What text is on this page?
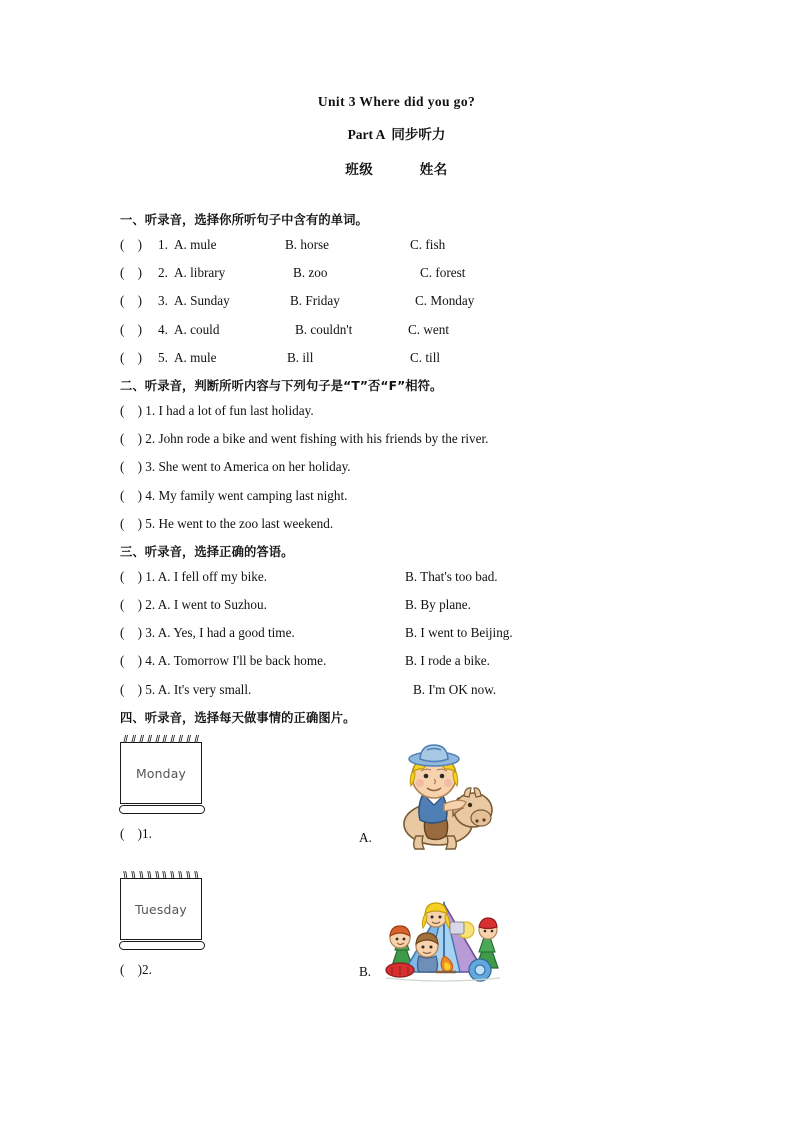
Unit 3 Where did you go?
Part A  同步听力
班级            姓名
一、听录音，选择你所听句子中含有的单词。

(    )

1.

A. mule

	B. horse

	C. fish

(    )

2.

A. library

	B. zoo

	C. forest

(    )

3.

A. Sunday

	B. Friday

	C. Monday

(    )

4.

A. could

	B. couldn't

	C. went

(    )

5.

A. mule

	B. ill

	C. till

二、听录音，判断所听内容与下列句子是“T”否“F”相符。
(    ) 1. I had a lot of fun last holiday.
(    ) 2. John rode a bike and went fishing with his friends by the river.
(    ) 3. She went to America on her holiday.
(    ) 4. My family went camping last night.
(    ) 5. He went to the zoo last weekend.
三、听录音，选择正确的答语。

(    ) 1. A. I fell off my bike.

	B. That's too bad.

(    ) 2. A. I went to Suzhou.

	B. By plane.

(    ) 3. A. Yes, I had a good time.

	B. I went to Beijing.

(    ) 4. A. Tomorrow I'll be back home.

	B. I rode a bike.

(    ) 5. A. It's very small.

	B. I'm OK now.

四、听录音，选择每天做事情的正确图片。
Monday
(    )1.	A.
Tuesday
(    )2.	B.
